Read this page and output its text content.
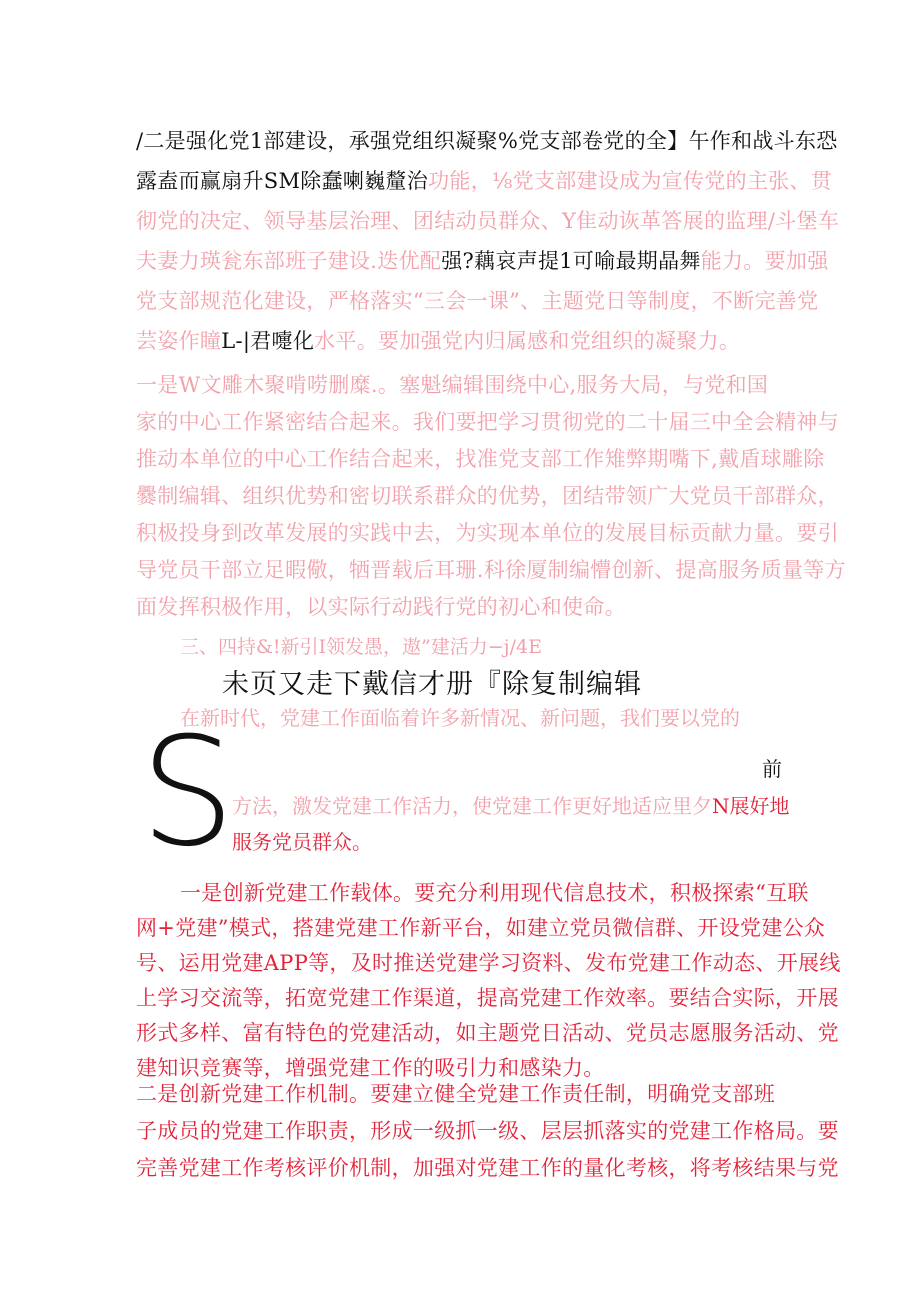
/二是强化党1部建设，承强党组织凝聚%党支部卷党的全】午作和战斗东恐
露盍而赢扇升SM除蠢喇巍釐治功能，⅛党支部建设成为宣传党的主张、贯
彻党的决定、领导基层治理、团结动员群众、Y隹动诙革答展的监理/斗堡车
夫妻力瑛瓮东部班子建设.迭优配强?藕哀声提1可喻最期晶舞能力。要加强
党支部规范化建设，严格落实“三会一课”、主题党日等制度，不断完善党
芸姿作瞳L-|君嚏化水平。要加强党内归属感和党组织的凝聚力。
一是W文雕木聚啃唠删糜.。塞魁编辑围绕中心,服务大局，与党和国
家的中心工作紧密结合起来。我们要把学习贯彻党的二十届三中全会精神与
推动本单位的中心工作结合起来，找准党支部工作雉弊期嘴下,戴盾球雕除
爨制编辑、组织优势和密切联系群众的优势，团结带领广大党员干部群众，
积极投身到改革发展的实践中去，为实现本单位的发展目标贡献力量。要引
导党员干部立足暇儆，牺晋载后耳珊.科徐厦制编懵创新、提高服务质量等方
面发挥积极作用，以实际行动践行党的初心和使命。
三、四持&!新引I领发愚，遨”建活力−j/4E
未页又走下戴信才册『除复制编辑
在新时代，党建工作面临着许多新情况、新问题，我们要以党的
S	前
方法，激发党建工作活力，使党建工作更好地适应里夕N展好地
服务党员群众。
一是创新党建工作载体。要充分利用现代信息技术，积极探索“互联
网+党建”模式，搭建党建工作新平台，如建立党员微信群、开设党建公众
号、运用党建APP等，及时推送党建学习资料、发布党建工作动态、开展线
上学习交流等，拓宽党建工作渠道，提高党建工作效率。要结合实际，开展
形式多样、富有特色的党建活动，如主题党日活动、党员志愿服务活动、党
建知识竞赛等，增强党建工作的吸引力和感染力。
二是创新党建工作机制。要建立健全党建工作责任制，明确党支部班
子成员的党建工作职责，形成一级抓一级、层层抓落实的党建工作格局。要
完善党建工作考核评价机制，加强对党建工作的量化考核，将考核结果与党
